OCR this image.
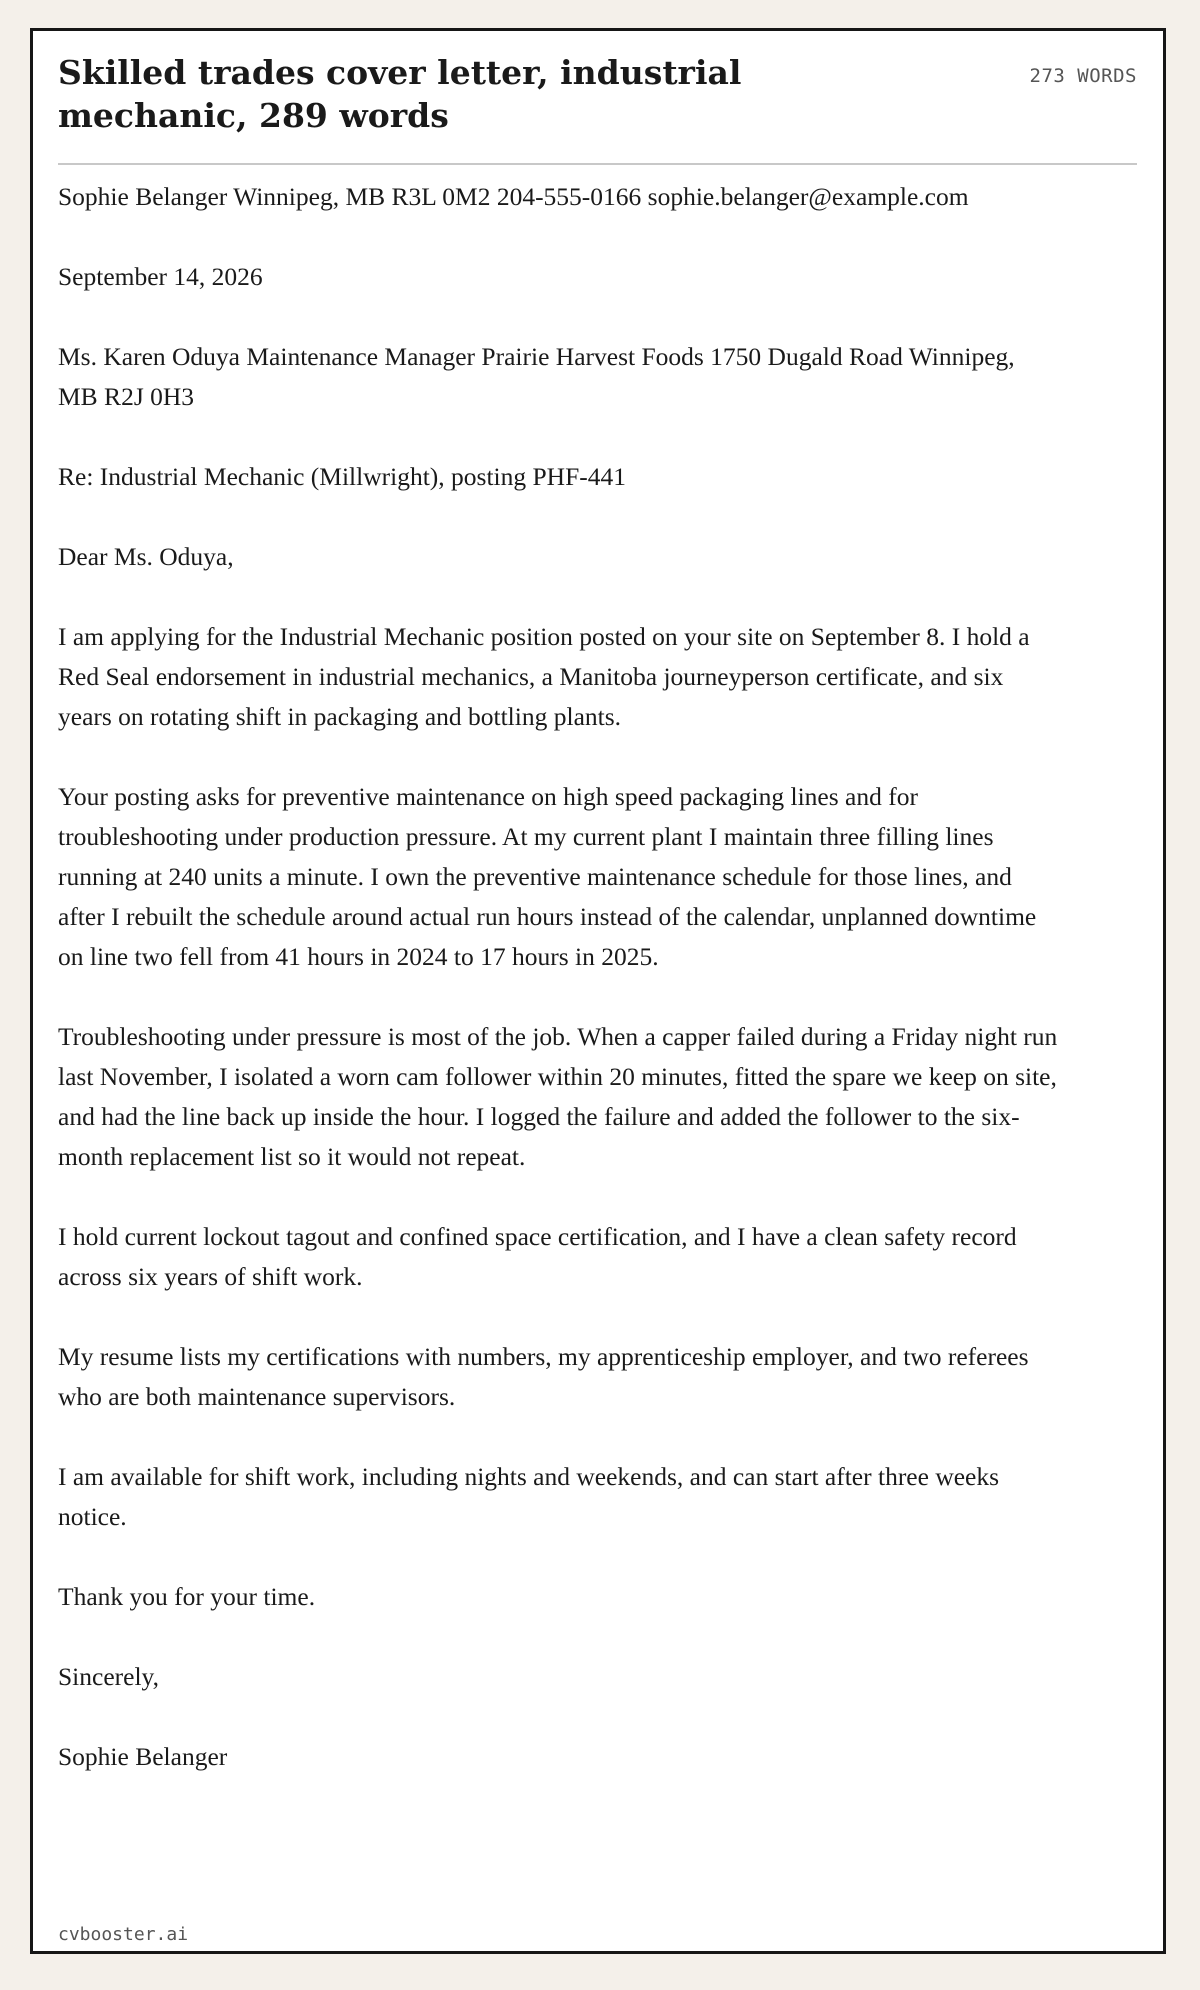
Skilled trades cover letter, industrial mechanic, 289 words
273 WORDS

Sophie Belanger Winnipeg, MB R3L 0M2 204-555-0166 sophie.belanger@example.com

September 14, 2026

Ms. Karen Oduya Maintenance Manager Prairie Harvest Foods 1750 Dugald Road Winnipeg, MB R2J 0H3

Re: Industrial Mechanic (Millwright), posting PHF-441

Dear Ms. Oduya,

I am applying for the Industrial Mechanic position posted on your site on September 8. I hold a Red Seal endorsement in industrial mechanics, a Manitoba journeyperson certificate, and six years on rotating shift in packaging and bottling plants.

Your posting asks for preventive maintenance on high speed packaging lines and for troubleshooting under production pressure. At my current plant I maintain three filling lines running at 240 units a minute. I own the preventive maintenance schedule for those lines, and after I rebuilt the schedule around actual run hours instead of the calendar, unplanned downtime on line two fell from 41 hours in 2024 to 17 hours in 2025.

Troubleshooting under pressure is most of the job. When a capper failed during a Friday night run last November, I isolated a worn cam follower within 20 minutes, fitted the spare we keep on site, and had the line back up inside the hour. I logged the failure and added the follower to the six-month replacement list so it would not repeat.

I hold current lockout tagout and confined space certification, and I have a clean safety record across six years of shift work.

My resume lists my certifications with numbers, my apprenticeship employer, and two referees who are both maintenance supervisors.

I am available for shift work, including nights and weekends, and can start after three weeks notice.

Thank you for your time.

Sincerely,

Sophie Belanger

cvbooster.ai
